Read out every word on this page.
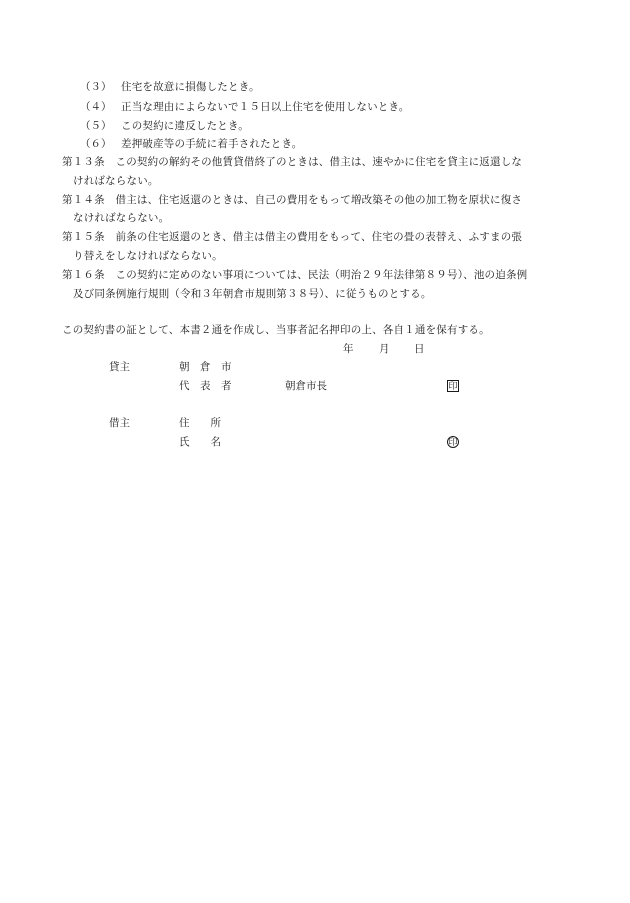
（３） 住宅を故意に損傷したとき。
（４） 正当な理由によらないで１５日以上住宅を使用しないとき。
（５） この契約に違反したとき。
（６） 差押破産等の手続に着手されたとき。
第１３条　この契約の解約その他賃貸借終了のときは、借主は、速やかに住宅を貸主に返還しな
ければならない。
第１４条　借主は、住宅返還のときは、自己の費用をもって増改築その他の加工物を原状に復さ
なければならない。
第１５条　前条の住宅返還のとき、借主は借主の費用をもって、住宅の畳の表替え、ふすまの張
り替えをしなければならない。
第１６条　この契約に定めのない事項については、民法（明治２９年法律第８９号）、池の迫条例
及び同条例施行規則（令和３年朝倉市規則第３８号）、に従うものとする。
この契約書の証として、本書２通を作成し、当事者記名押印の上、各自１通を保有する。
年 月 日
貸主	朝　倉　市
代　表　者	朝倉市長	印
借主	住　　所
氏　　名	印
